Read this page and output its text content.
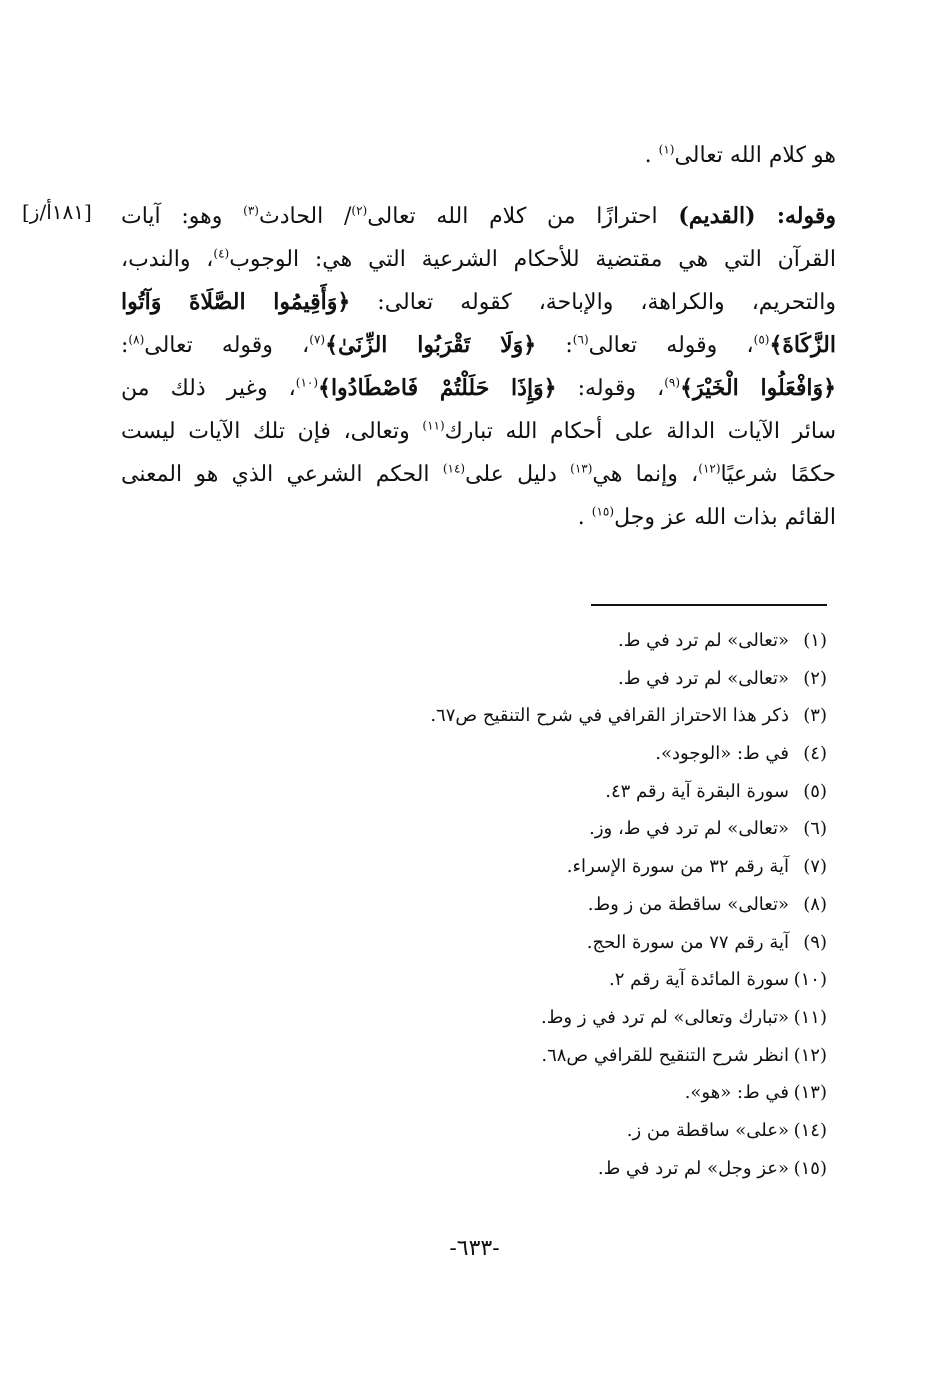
[١٨١أ/ز]
هو كلام الله تعالى$^{(١)}$ .
وقوله: (القديم) احترازًا من كلام الله تعالى$^{(٢)}$/ الحادث$^{(٣)}$ وهو: آيات
القرآن التي هي مقتضية للأحكام الشرعية التي هي: الوجوب$^{(٤)}$، والندب،
والتحريم، والكراهة، والإباحة، كقوله تعالى: ﴿وَأَقِيمُوا الصَّلَاةَ وَآتُوا
الزَّكَاةَ﴾$^{(٥)}$، وقوله تعالى$^{(٦)}$: ﴿وَلَا تَقْرَبُوا الزِّنَىٰ﴾$^{(٧)}$، وقوله تعالى$^{(٨)}$:
﴿وَافْعَلُوا الْخَيْرَ﴾$^{(٩)}$، وقوله: ﴿وَإِذَا حَلَلْتُمْ فَاصْطَادُوا﴾$^{(١٠)}$، وغير ذلك من
سائر الآيات الدالة على أحكام الله تبارك$^{(١١)}$ وتعالى، فإن تلك الآيات ليست
حكمًا شرعيًا$^{(١٢)}$، وإنما هي$^{(١٣)}$ دليل على$^{(١٤)}$ الحكم الشرعي الذي هو المعنى
القائم بذات الله عز وجل$^{(١٥)}$ .
(١)«تعالى» لم ترد في ط.
(٢)«تعالى» لم ترد في ط.
(٣)ذكر هذا الاحتراز القرافي في شرح التنقيح ص٦٧.
(٤)في ط: «الوجود».
(٥)سورة البقرة آية رقم ٤٣.
(٦)«تعالى» لم ترد في ط، وز.
(٧)آية رقم ٣٢ من سورة الإسراء.
(٨)«تعالى» ساقطة من ز وط.
(٩)آية رقم ٧٧ من سورة الحج.
(١٠)سورة المائدة آية رقم ٢.
(١١)«تبارك وتعالى» لم ترد في ز وط.
(١٢)انظر شرح التنقيح للقرافي ص٦٨.
(١٣)في ط: «هو».
(١٤)«على» ساقطة من ز.
(١٥)«عز وجل» لم ترد في ط.
-٦٣٣-
